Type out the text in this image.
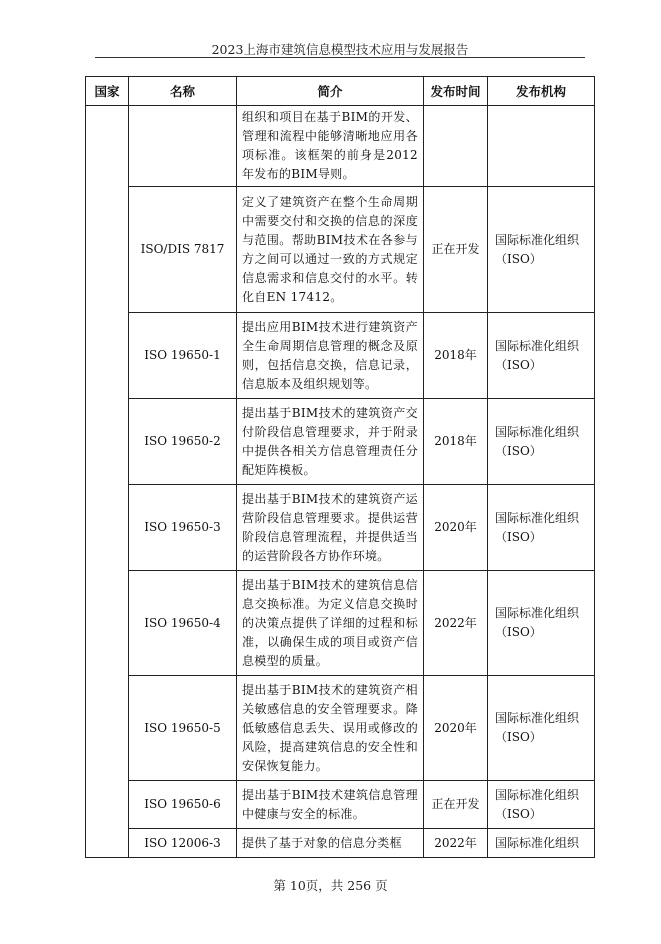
2023上海市建筑信息模型技术应用与发展报告
国家	名称	简介	发布时间	发布机构
		组织和项目在基于BIM的开发、管理和流程中能够清晰地应用各项标准。该框架的前身是2012年发布的BIM导则。		
	ISO/DIS 7817	定义了建筑资产在整个生命周期中需要交付和交换的信息的深度与范围。帮助BIM技术在各参与方之间可以通过一致的方式规定信息需求和信息交付的水平。转化自EN 17412。	正在开发	国际标准化组织（ISO）
	ISO 19650-1	提出应用BIM技术进行建筑资产全生命周期信息管理的概念及原则，包括信息交换，信息记录，信息版本及组织规划等。	2018年	国际标准化组织（ISO）
	ISO 19650-2	提出基于BIM技术的建筑资产交付阶段信息管理要求，并于附录中提供各相关方信息管理责任分配矩阵模板。	2018年	国际标准化组织（ISO）
	ISO 19650-3	提出基于BIM技术的建筑资产运营阶段信息管理要求。提供运营阶段信息管理流程，并提供适当的运营阶段各方协作环境。	2020年	国际标准化组织（ISO）
	ISO 19650-4	提出基于BIM技术的建筑信息信息交换标准。为定义信息交换时的决策点提供了详细的过程和标准，以确保生成的项目或资产信息模型的质量。	2022年	国际标准化组织（ISO）
	ISO 19650-5	提出基于BIM技术的建筑资产相关敏感信息的安全管理要求。降低敏感信息丢失、误用或修改的风险，提高建筑信息的安全性和安保恢复能力。	2020年	国际标准化组织（ISO）
	ISO 19650-6	提出基于BIM技术建筑信息管理中健康与安全的标准。	正在开发	国际标准化组织（ISO）
	ISO 12006-3	提供了基于对象的信息分类框	2022年	国际标准化组织
第 10页，共 256 页
